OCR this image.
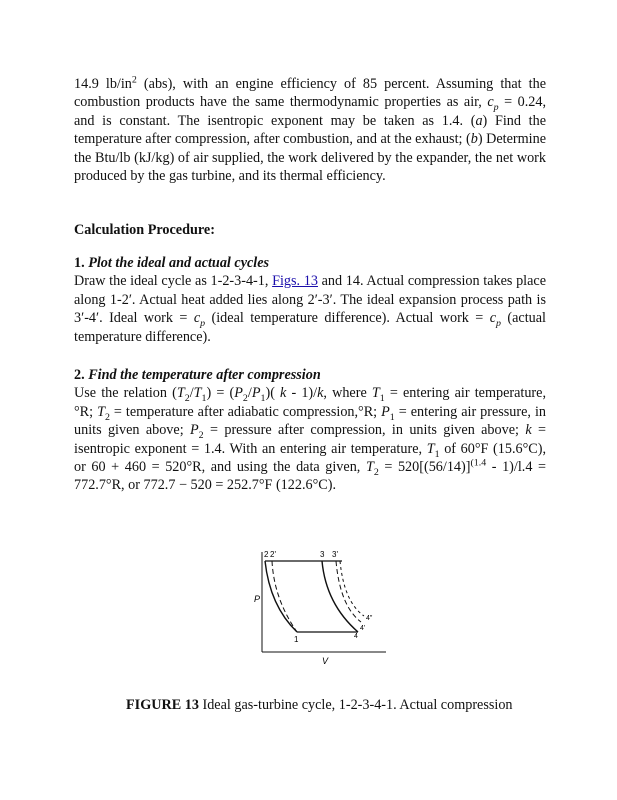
14.9 $lb/in^2$ (abs), with an engine efficiency of 85 percent. Assuming that the combustion products have the same thermodynamic properties as air, $c_p = 0.24$, and is constant. The isentropic exponent may be taken as 1.4. (a) Find the temperature after compression, after combustion, and at the exhaust; (b) Determine the Btu/lb (kJ/kg) of air supplied, the work delivered by the expander, the net work produced by the gas turbine, and its thermal efficiency.

Calculation Procedure:

1. Plot the ideal and actual cycles

Draw the ideal cycle as 1-2-3-4-1, Figs. 13 and 14. Actual compression takes place along 1-2′. Actual heat added lies along 2′-3′. The ideal expansion process path is 3′-4′. Ideal work = $c_p$ (ideal temperature difference). Actual work = $c_p$ (actual temperature difference).

2. Find the temperature after compression

Use the relation $(T_2/T_1) = (P_2/P_1)$( k - 1)/k, where $T_1$ = entering air temperature, °R; $T_2$ = temperature after adiabatic compression,°R; $P_1$ = entering air pressure, in units given above; $P_2$ = pressure after compression, in units given above; k = isentropic exponent = 1.4. With an entering air temperature, $T_1$ of 60°F (15.6°C), or 60 + 460 = 520°R, and using the data given, $T_2 = 520[(56/14)]^{(1.4} - 1)/l.4 = 772.7^\circ R$, or 772.7 − 520 = 252.7°F (122.6°C).

2 2'	3 3'
4"
4'
4
1
P
V
FIGURE 13 Ideal gas-turbine cycle, 1-2-3-4-1. Actual compression
